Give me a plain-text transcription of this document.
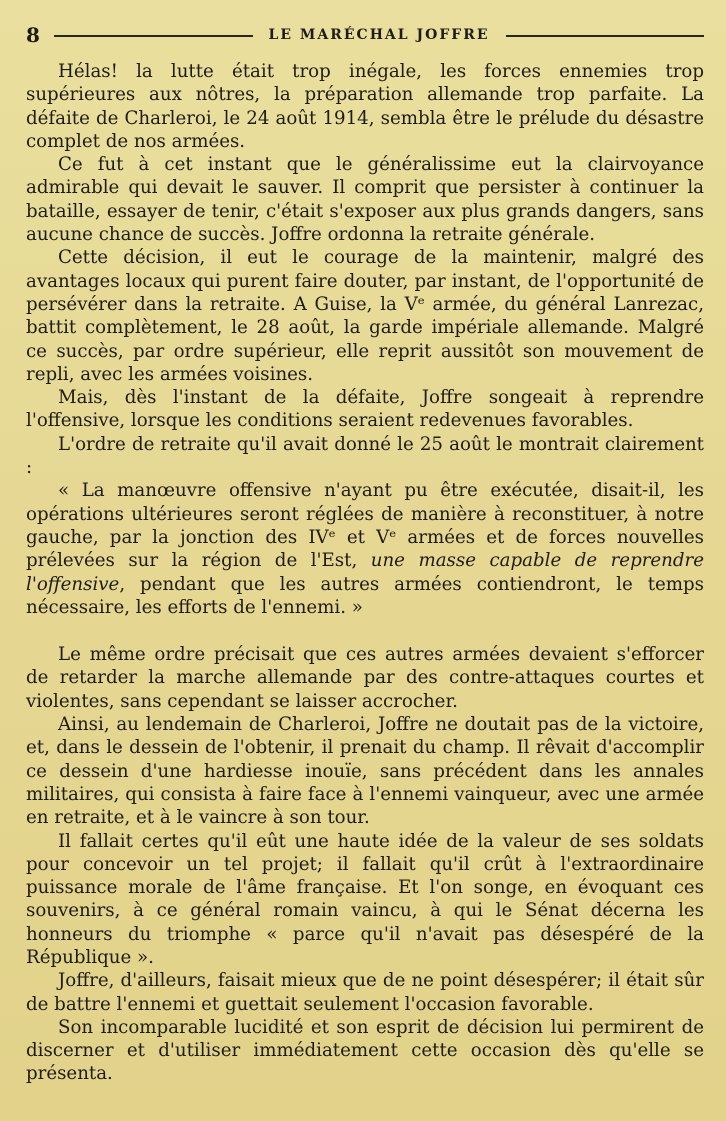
8	LE MARÉCHAL JOFFRE

Hélas! la lutte était trop inégale, les forces ennemies trop supérieures aux nôtres, la préparation allemande trop parfaite. La défaite de Charleroi, le 24 août 1914, sembla être le prélude du désastre complet de nos armées.

Ce fut à cet instant que le généralissime eut la clairvoyance admirable qui devait le sauver. Il comprit que persister à continuer la bataille, essayer de tenir, c'était s'exposer aux plus grands dangers, sans aucune chance de succès. Joffre ordonna la retraite générale.

Cette décision, il eut le courage de la maintenir, malgré des avantages locaux qui purent faire douter, par instant, de l'opportunité de persévérer dans la retraite. A Guise, la Vᵉ armée, du général Lanrezac, battit complètement, le 28 août, la garde impériale allemande. Malgré ce succès, par ordre supérieur, elle reprit aussitôt son mouvement de repli, avec les armées voisines.

Mais, dès l'instant de la défaite, Joffre songeait à reprendre l'offensive, lorsque les conditions seraient redevenues favorables.

L'ordre de retraite qu'il avait donné le 25 août le montrait clairement :

« La manœuvre offensive n'ayant pu être exécutée, disait-il, les opérations ultérieures seront réglées de manière à reconstituer, à notre gauche, par la jonction des IVᵉ et Vᵉ armées et de forces nouvelles prélevées sur la région de l'Est, une masse capable de reprendre l'offensive, pendant que les autres armées contiendront, le temps nécessaire, les efforts de l'ennemi. »

Le même ordre précisait que ces autres armées devaient s'efforcer de retarder la marche allemande par des contre-attaques courtes et violentes, sans cependant se laisser accrocher.

Ainsi, au lendemain de Charleroi, Joffre ne doutait pas de la victoire, et, dans le dessein de l'obtenir, il prenait du champ. Il rêvait d'accomplir ce dessein d'une hardiesse inouïe, sans précédent dans les annales militaires, qui consista à faire face à l'ennemi vainqueur, avec une armée en retraite, et à le vaincre à son tour.

Il fallait certes qu'il eût une haute idée de la valeur de ses soldats pour concevoir un tel projet; il fallait qu'il crût à l'extraordinaire puissance morale de l'âme française. Et l'on songe, en évoquant ces souvenirs, à ce général romain vaincu, à qui le Sénat décerna les honneurs du triomphe « parce qu'il n'avait pas désespéré de la République ».

Joffre, d'ailleurs, faisait mieux que de ne point désespérer; il était sûr de battre l'ennemi et guettait seulement l'occasion favorable.

Son incomparable lucidité et son esprit de décision lui permirent de discerner et d'utiliser immédiatement cette occasion dès qu'elle se présenta.
